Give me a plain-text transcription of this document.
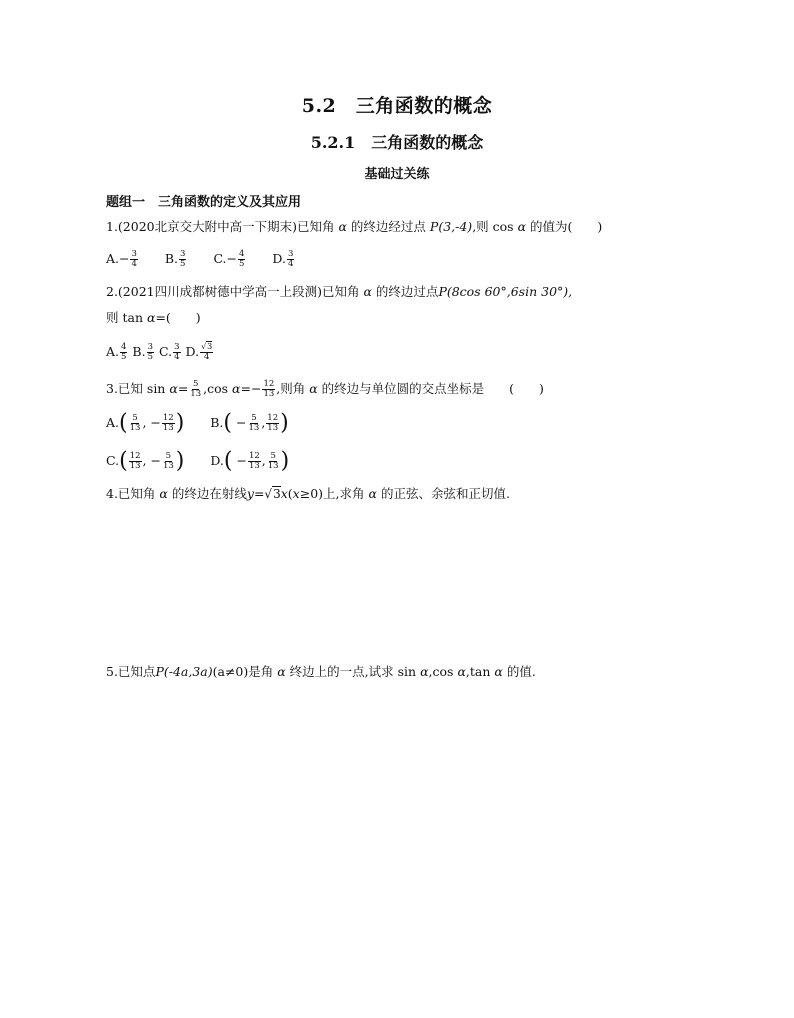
5.2　三角函数的概念
5.2.1　三角函数的概念
基础过关练
题组一　三角函数的定义及其应用
1.(2020北京交大附中高一下期末)已知角 α 的终边经过点 P(3,-4),则 cos α 的值为(　　)
$A.- \frac{3}{4} B$. $\frac{3}{5} C.- \frac{4}{5} D$. $\frac{3}{4}$
2.(2021四川成都树德中学高一上段测)已知角 α 的终边过点P(8cos 60°,6sin 30°),
则 tan α=(　　)
A. $\frac{4}{5} B$. $\frac{3}{5} C$. $\frac{3}{4} D$. $\frac{√3}{4}$
3.已知 $\sin \alpha= \frac{5}{13} ,\cos$ $\alpha=- \frac{12}{13}$ ,则角 α 的终边与单位圆的交点坐标是　　(　　)
$A.( \frac{5}{13}$ , − $\frac{12}{13}$ ) $B.( - \frac{5}{13}$ , $\frac{12}{13}$ )
$C.( \frac{12}{13}$ , − $\frac{5}{13}$ ) $D.( - \frac{12}{13}$ , $\frac{5}{13}$ )
4.已知角 α 的终边在射线y=√3x(x≥0)上,求角 α 的正弦、余弦和正切值.
5.已知点P(-4a,3a)(a≠0)是角 α 终边上的一点,试求 sin α,cos α,tan α 的值.
